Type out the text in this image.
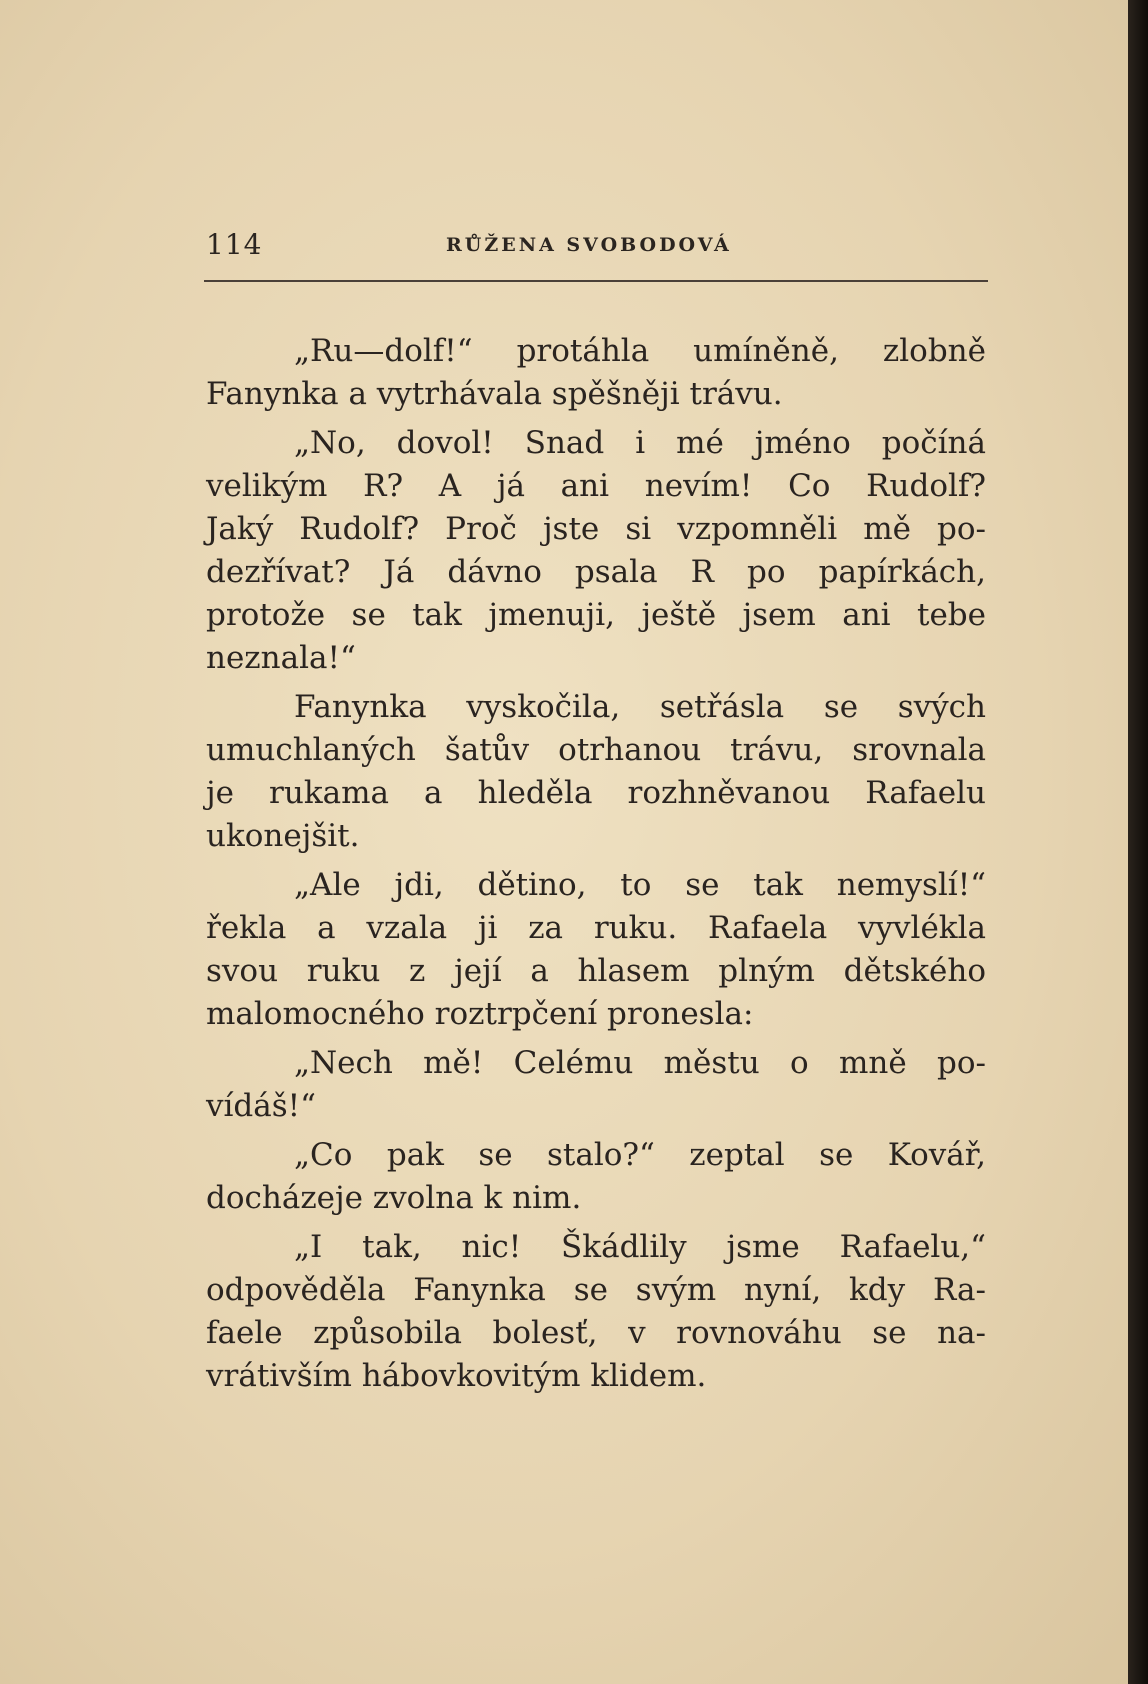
114	RŮŽENA SVOBODOVÁ
„Ru—dolf!“ protáhla umíněně, zlobně
Fanynka a vytrhávala spěšněji trávu.
„No, dovol! Snad i mé jméno počíná
velikým R? A já ani nevím! Co Rudolf?
Jaký Rudolf? Proč jste si vzpomněli mě po-
dezřívat? Já dávno psala R po papírkách,
protože se tak jmenuji, ještě jsem ani tebe
neznala!“
Fanynka vyskočila, setřásla se svých
umuchlaných šatův otrhanou trávu, srovnala
je rukama a hleděla rozhněvanou Rafaelu
ukonejšit.
„Ale jdi, dětino, to se tak nemyslí!“
řekla a vzala ji za ruku. Rafaela vyvlékla
svou ruku z její a hlasem plným dětského
malomocného roztrpčení pronesla:
„Nech mě! Celému městu o mně po-
vídáš!“
„Co pak se stalo?“ zeptal se Kovář,
docházeje zvolna k nim.
„I tak, nic! Škádlily jsme Rafaelu,“
odpověděla Fanynka se svým nyní, kdy Ra-
faele způsobila bolesť, v rovnováhu se na-
vrátivším hábovkovitým klidem.
